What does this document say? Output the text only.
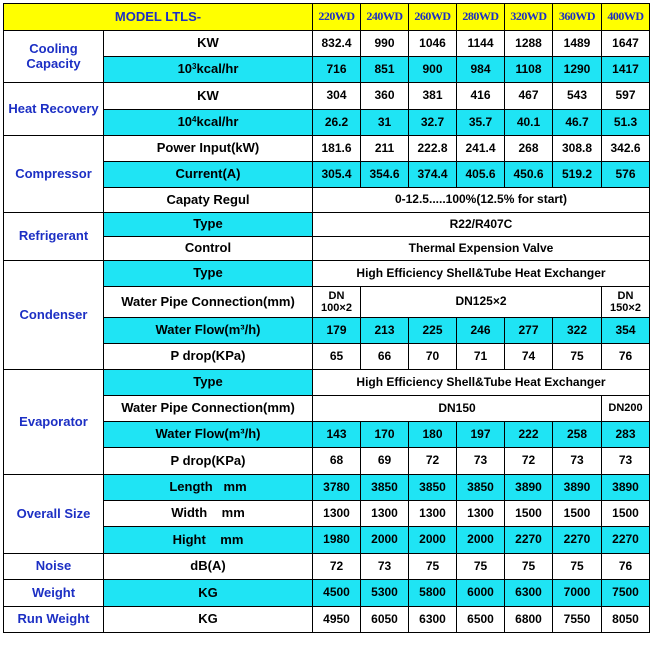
MODEL LTLS-		220WD	240WD	260WD	280WD	320WD	360WD	400WD
Cooling Capacity	KW	832.4	990	1046	1144	1288	1489	1647
	$10^3kcal/hr$	716	851	900	984	1108	1290	1417
Heat Recovery	KW	304	360	381	416	467	543	597
	$10^4kcal/hr$	26.2	31	32.7	35.7	40.1	46.7	51.3
Compressor	Power Input(kW)	181.6	211	222.8	241.4	268	308.8	342.6
	Current(A)	305.4	354.6	374.4	405.6	450.6	519.2	576
	Capaty Regul	0-12.5.....100%(12.5% for start)						
Refrigerant	Type	R22/R407C						
	Control	Thermal Expension Valve						
Condenser	Type	High Efficiency Shell&Tube Heat Exchanger						
	Water Pipe Connection(mm)	DN 100×2	DN125×2					DN 150×2
	Water Flow(m³/h)	179	213	225	246	277	322	354
	P drop(KPa)	65	66	70	71	74	75	76
Evaporator	Type	High Efficiency Shell&Tube Heat Exchanger						
	Water Pipe Connection(mm)	DN150						DN200
	Water Flow(m³/h)	143	170	180	197	222	258	283
	P drop(KPa)	68	69	72	73	72	73	73
Overall Size	Length   mm	3780	3850	3850	3850	3890	3890	3890
	Width    mm	1300	1300	1300	1300	1500	1500	1500
	Hight    mm	1980	2000	2000	2000	2270	2270	2270
Noise	dB(A)	72	73	75	75	75	75	76
Weight	KG	4500	5300	5800	6000	6300	7000	7500
Run Weight	KG	4950	6050	6300	6500	6800	7550	8050
